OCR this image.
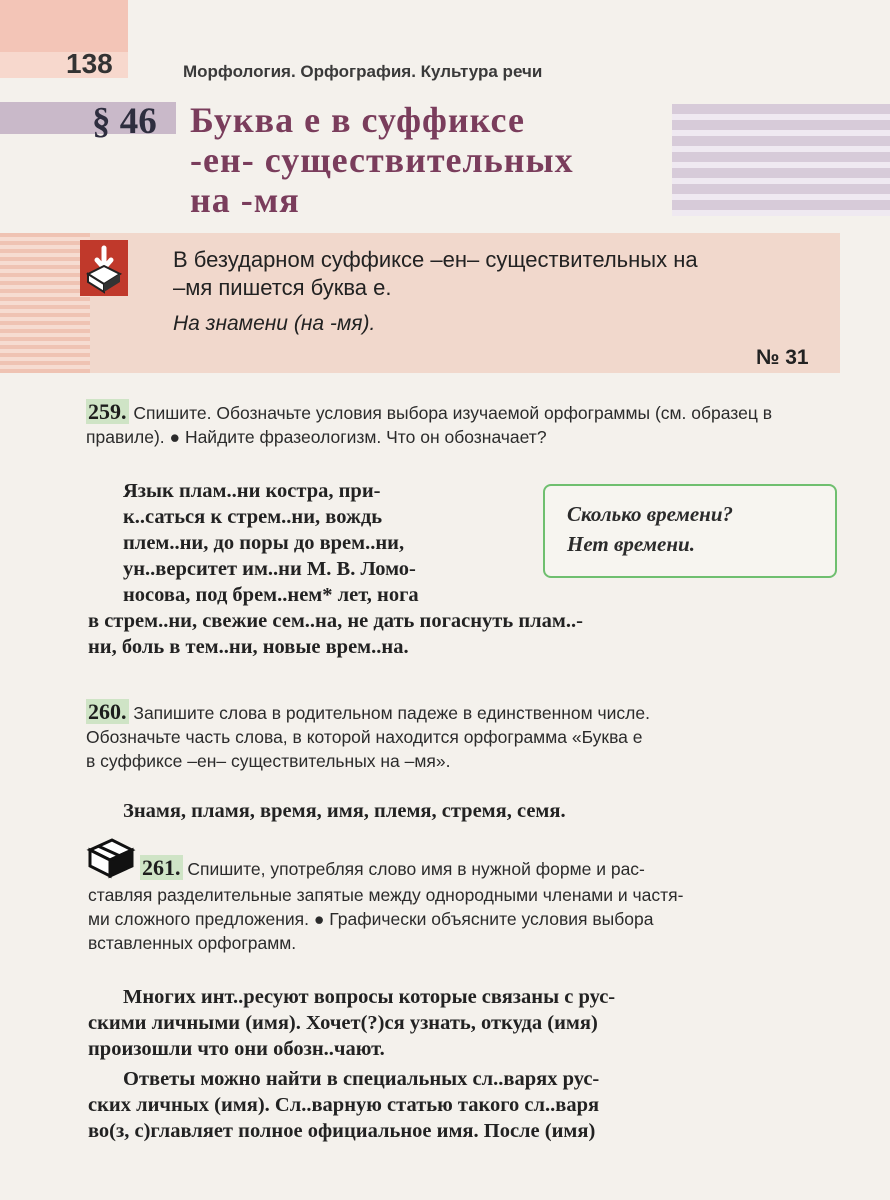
138	Морфология. Орфография. Культура речи
§ 46 Буква е в суффиксе
-ен- существительных
на -мя
В безударном суффиксе –ен– существительных на
–мя пишется буква е.
На знамени (на -мя).
№ 31
259. Спишите. Обозначьте условия выбора изучаемой орфограммы (см. образец в правиле). ● Найдите фразеологизм. Что он обозначает?
Язык плам..ни костра, при-
к..саться к стрем..ни, вождь
плем..ни, до поры до врем..ни,
ун..верситет им..ни М. В. Ломо-
носова, под брем..нем* лет, нога
в стрем..ни, свежие сем..на, не дать погаснуть плам..-
ни, боль в тем..ни, новые врем..на.
Сколько времени?
Нет времени.
260. Запишите слова в родительном падеже в единственном числе.
Обозначьте часть слова, в которой находится орфограмма «Буква е
в суффиксе –ен– существительных на –мя».
Знамя, пламя, время, имя, племя, стремя, семя.
261. Спишите, употребляя слово имя в нужной форме и рас-
ставляя разделительные запятые между однородными членами и частя-
ми сложного предложения. ● Графически объясните условия выбора
вставленных орфограмм.
Многих инт..ресуют вопросы которые связаны с рус-
скими личными (имя). Хочет(?)ся узнать, откуда (имя)
произошли что они обозн..чают.
Ответы можно найти в специальных сл..варях рус-
ских личных (имя). Сл..варную статью такого сл..варя
во(з, с)главляет полное официальное имя. После (имя)
